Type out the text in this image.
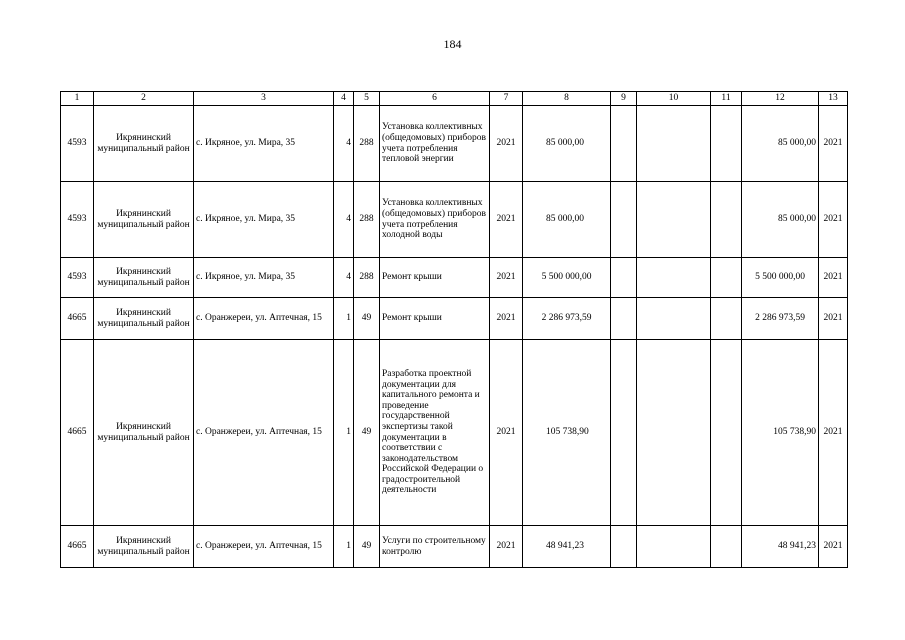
184
1	2	3	4	5	6	7	8	9	10	11	12	13
4593	Икрянинский муниципальный район	с. Икряное, ул. Мира, 35	4	288	Установка коллективных (общедомовых) приборов учета потребления тепловой энергии	2021	85 000,00				85 000,00	2021
4593	Икрянинский муниципальный район	с. Икряное, ул. Мира, 35	4	288	Установка коллективных (общедомовых) приборов учета потребления холодной воды	2021	85 000,00				85 000,00	2021
4593	Икрянинский муниципальный район	с. Икряное, ул. Мира, 35	4	288	Ремонт крыши	2021	5 500 000,00				5 500 000,00	2021
4665	Икрянинский муниципальный район	с. Оранжереи, ул. Аптечная, 15	1	49	Ремонт крыши	2021	2 286 973,59				2 286 973,59	2021
4665	Икрянинский муниципальный район	с. Оранжереи, ул. Аптечная, 15	1	49	Разработка проектной документации для капитального ремонта и проведение государственной экспертизы такой документации в соответствии с законодательством Российской Федерации о градостроительной деятельности	2021	105 738,90				105 738,90	2021
4665	Икрянинский муниципальный район	с. Оранжереи, ул. Аптечная, 15	1	49	Услуги по строительному контролю	2021	48 941,23				48 941,23	2021
